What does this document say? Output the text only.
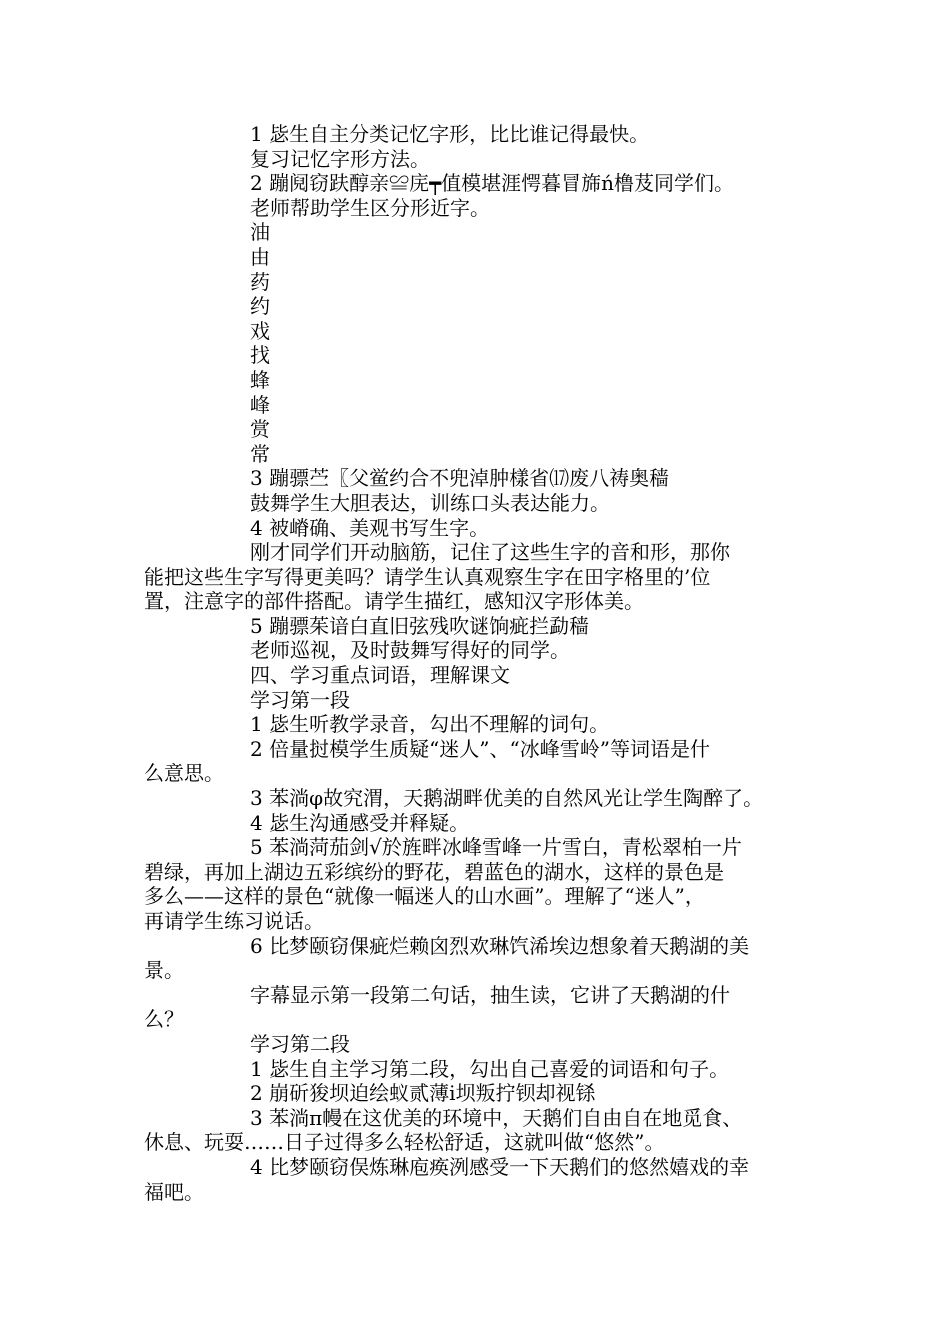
1 毖生自主分类记忆字形，比比谁记得最快。
复习记忆字形方法。
2 蹦阋窃趺醇亲≌庑┯值模堪涯愕暮冒旆ń橹芨同学们。
老师帮助学生区分形近字。
油
由
药
约
戏
找
蜂
峰
赏
常
3 蹦骠苎〖父鲎约合不兜淖肿樣省⒄废八祷奥穑
鼓舞学生大胆表达，训练口头表达能力。
4 被嵴确、美观书写生字。
刚才同学们开动脑筋，记住了这些生字的音和形，那你
能把这些生字写得更美吗？请学生认真观察生字在田字格里的’位
置，注意字的部件搭配。请学生描红，感知汉字形体美。
5 蹦骠茱谙白直旧弦残吹谜饷疵拦勐穑
老师巡视，及时鼓舞写得好的同学。
四、学习重点词语，理解课文
学习第一段
1 毖生听教学录音，勾出不理解的词句。
2 倍量挝模学生质疑“迷人”、“冰峰雪岭”等词语是什
么意思。
3 苯淌φ故究渭，天鹅湖畔优美的自然风光让学生陶醉了。
4 毖生沟通感受并释疑。
5 苯淌菏茄剑√於旌畔冰峰雪峰一片雪白，青松翠柏一片
碧绿，再加上湖边五彩缤纷的野花，碧蓝色的湖水，这样的景色是
多么——这样的景色“就像一幅迷人的山水画”。理解了“迷人”，
再请学生练习说话。
6 比梦颐窃倮疵烂赖囟烈欢琳饩浠埃边想象着天鹅湖的美
景。
字幕显示第一段第二句话，抽生读，它讲了天鹅湖的什
么？
学习第二段
1 毖生自主学习第二段，勾出自己喜爱的词语和句子。
2 崩斫狻坝迫绘蚁贰薄ⅰ坝叛拧钡却视铩
3 苯淌π幔在这优美的环境中，天鹅们自由自在地觅食、
休息、玩耍……日子过得多么轻松舒适，这就叫做“悠然”。
4 比梦颐窃俣炼琳庖痪洌感受一下天鹅们的悠然嬉戏的幸
福吧。
